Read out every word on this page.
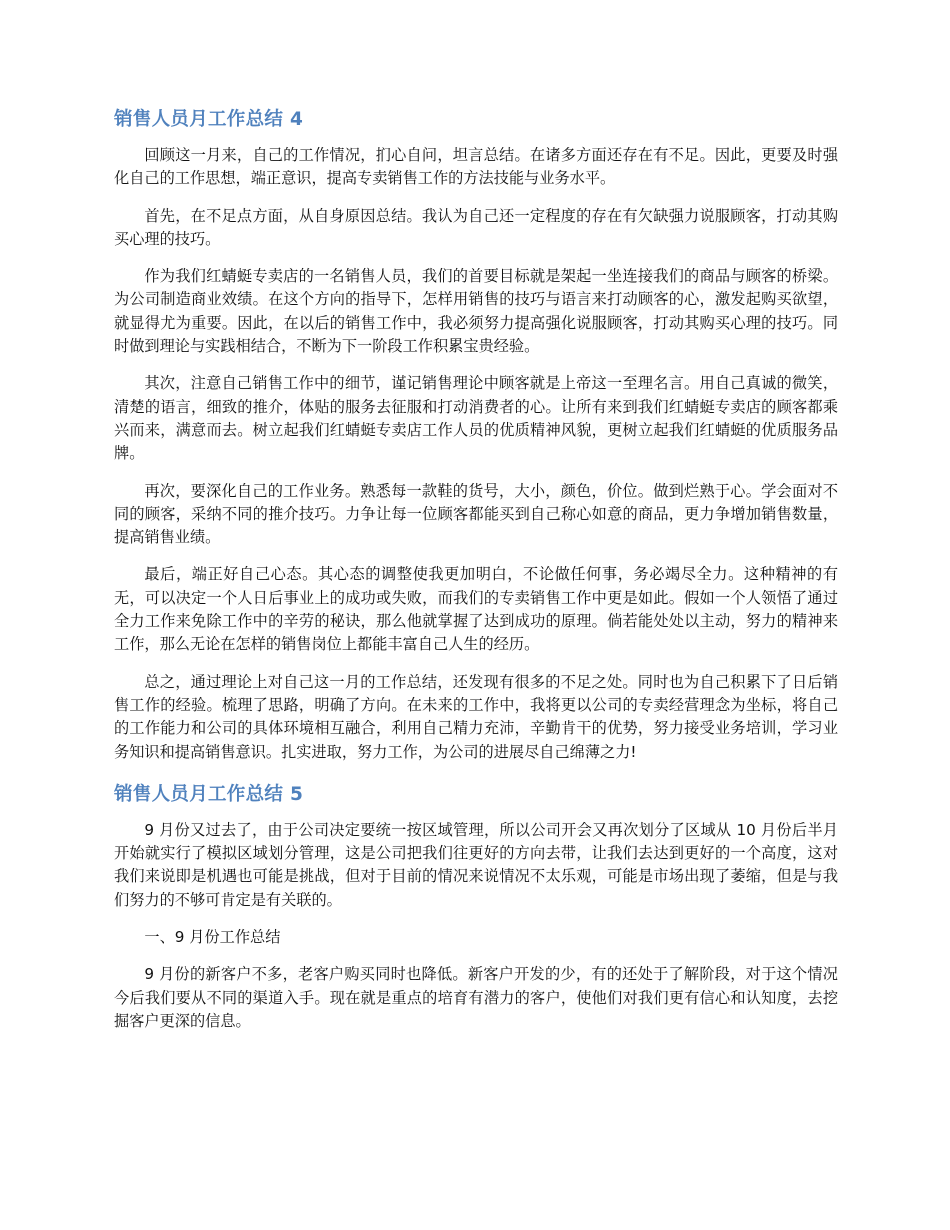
销售人员月工作总结 4

回顾这一月来，自己的工作情况，扪心自问，坦言总结。在诸多方面还存在有不足。因此，更要及时强化自己的工作思想，端正意识，提高专卖销售工作的方法技能与业务水平。

首先，在不足点方面，从自身原因总结。我认为自己还一定程度的存在有欠缺强力说服顾客，打动其购买心理的技巧。

作为我们红蜻蜓专卖店的一名销售人员，我们的首要目标就是架起一坐连接我们的商品与顾客的桥梁。为公司制造商业效绩。在这个方向的指导下，怎样用销售的技巧与语言来打动顾客的心，激发起购买欲望，就显得尤为重要。因此，在以后的销售工作中，我必须努力提高强化说服顾客，打动其购买心理的技巧。同时做到理论与实践相结合，不断为下一阶段工作积累宝贵经验。

其次，注意自己销售工作中的细节，谨记销售理论中顾客就是上帝这一至理名言。用自己真诚的微笑，清楚的语言，细致的推介，体贴的服务去征服和打动消费者的心。让所有来到我们红蜻蜓专卖店的顾客都乘兴而来，满意而去。树立起我们红蜻蜓专卖店工作人员的优质精神风貌，更树立起我们红蜻蜓的优质服务品牌。

再次，要深化自己的工作业务。熟悉每一款鞋的货号，大小，颜色，价位。做到烂熟于心。学会面对不同的顾客，采纳不同的推介技巧。力争让每一位顾客都能买到自己称心如意的商品，更力争增加销售数量，提高销售业绩。

最后，端正好自己心态。其心态的调整使我更加明白，不论做任何事，务必竭尽全力。这种精神的有无，可以决定一个人日后事业上的成功或失败，而我们的专卖销售工作中更是如此。假如一个人领悟了通过全力工作来免除工作中的辛劳的秘诀，那么他就掌握了达到成功的原理。倘若能处处以主动，努力的精神来工作，那么无论在怎样的销售岗位上都能丰富自己人生的经历。

总之，通过理论上对自己这一月的工作总结，还发现有很多的不足之处。同时也为自己积累下了日后销售工作的经验。梳理了思路，明确了方向。在未来的工作中，我将更以公司的专卖经营理念为坐标，将自己的工作能力和公司的具体环境相互融合，利用自己精力充沛，辛勤肯干的优势，努力接受业务培训，学习业务知识和提高销售意识。扎实进取，努力工作，为公司的进展尽自己绵薄之力!

销售人员月工作总结 5

9 月份又过去了，由于公司决定要统一按区域管理，所以公司开会又再次划分了区域从 10 月份后半月开始就实行了模拟区域划分管理，这是公司把我们往更好的方向去带，让我们去达到更好的一个高度，这对我们来说即是机遇也可能是挑战，但对于目前的情况来说情况不太乐观，可能是市场出现了萎缩，但是与我们努力的不够可肯定是有关联的。

一、9 月份工作总结

9 月份的新客户不多，老客户购买同时也降低。新客户开发的少，有的还处于了解阶段，对于这个情况今后我们要从不同的渠道入手。现在就是重点的培育有潜力的客户，使他们对我们更有信心和认知度，去挖掘客户更深的信息。
